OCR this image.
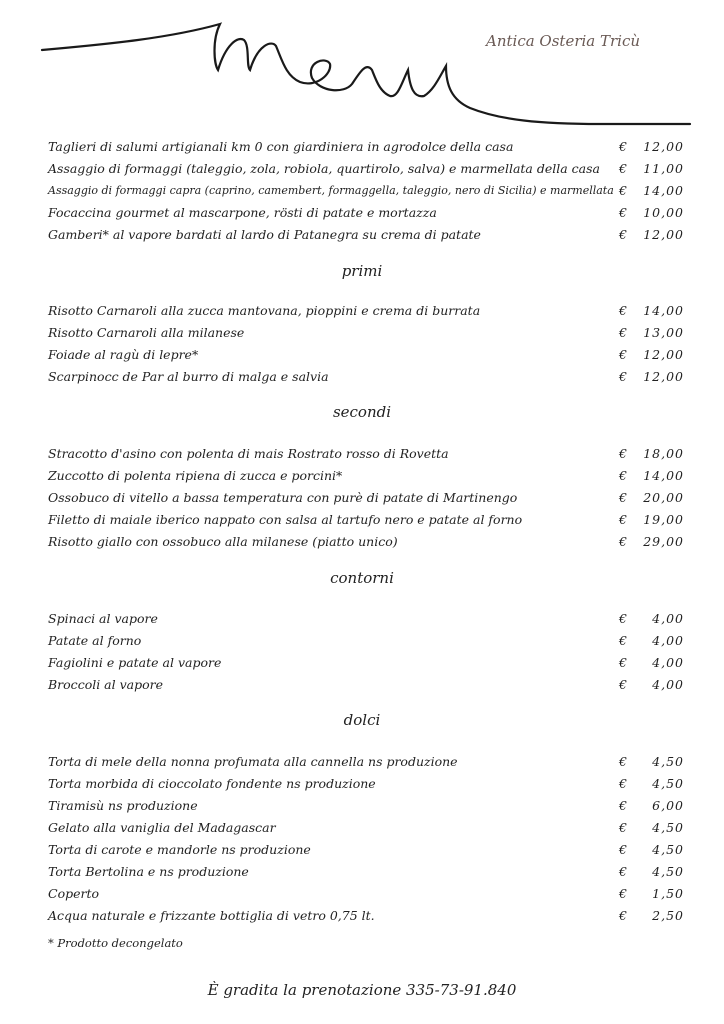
Antica Osteria Tricù
Taglieri di salumi artigianali km 0 con giardiniera in agrodolce della casa	€ 12,00
Assaggio di formaggi (taleggio, zola, robiola, quartirolo, salva) e marmellata della casa € 11,00
Assaggio di formaggi capra (caprino, camembert, formaggella, taleggio, nero di Sicilia) e marmellata € 14,00
Focaccina gourmet al mascarpone, rösti di patate e mortazza	€ 10,00
Gamberi* al vapore bardati al lardo di Patanegra su crema di patate	€ 12,00
primi
Risotto Carnaroli alla zucca mantovana, pioppini e crema di burrata	€ 14,00
Risotto Carnaroli alla milanese	€ 13,00
Foiade al ragù di lepre*	€ 12,00
Scarpinocc de Par al burro di malga e salvia	€ 12,00
secondi
Stracotto d'asino con polenta di mais Rostrato rosso di Rovetta	€ 18,00
Zuccotto di polenta ripiena di zucca e porcini*	€ 14,00
Ossobuco di vitello a bassa temperatura con purè di patate di Martinengo	€ 20,00
Filetto di maiale iberico nappato con salsa al tartufo nero e patate al forno	€ 19,00
Risotto giallo con ossobuco alla milanese (piatto unico)	€ 29,00
contorni
Spinaci al vapore	€ 4,00
Patate al forno	€ 4,00
Fagiolini e patate al vapore	€ 4,00
Broccoli al vapore	€ 4,00
dolci
Torta di mele della nonna profumata alla cannella ns produzione	€ 4,50
Torta morbida di cioccolato fondente ns produzione	€ 4,50
Tiramisù ns produzione	€ 6,00
Gelato alla vaniglia del Madagascar	€ 4,50
Torta di carote e mandorle ns produzione	€ 4,50
Torta Bertolina e ns produzione	€ 4,50
Coperto	€ 1,50
Acqua naturale e frizzante bottiglia di vetro 0,75 lt.	€ 2,50
* Prodotto decongelato
È gradita la prenotazione 335-73-91.840
